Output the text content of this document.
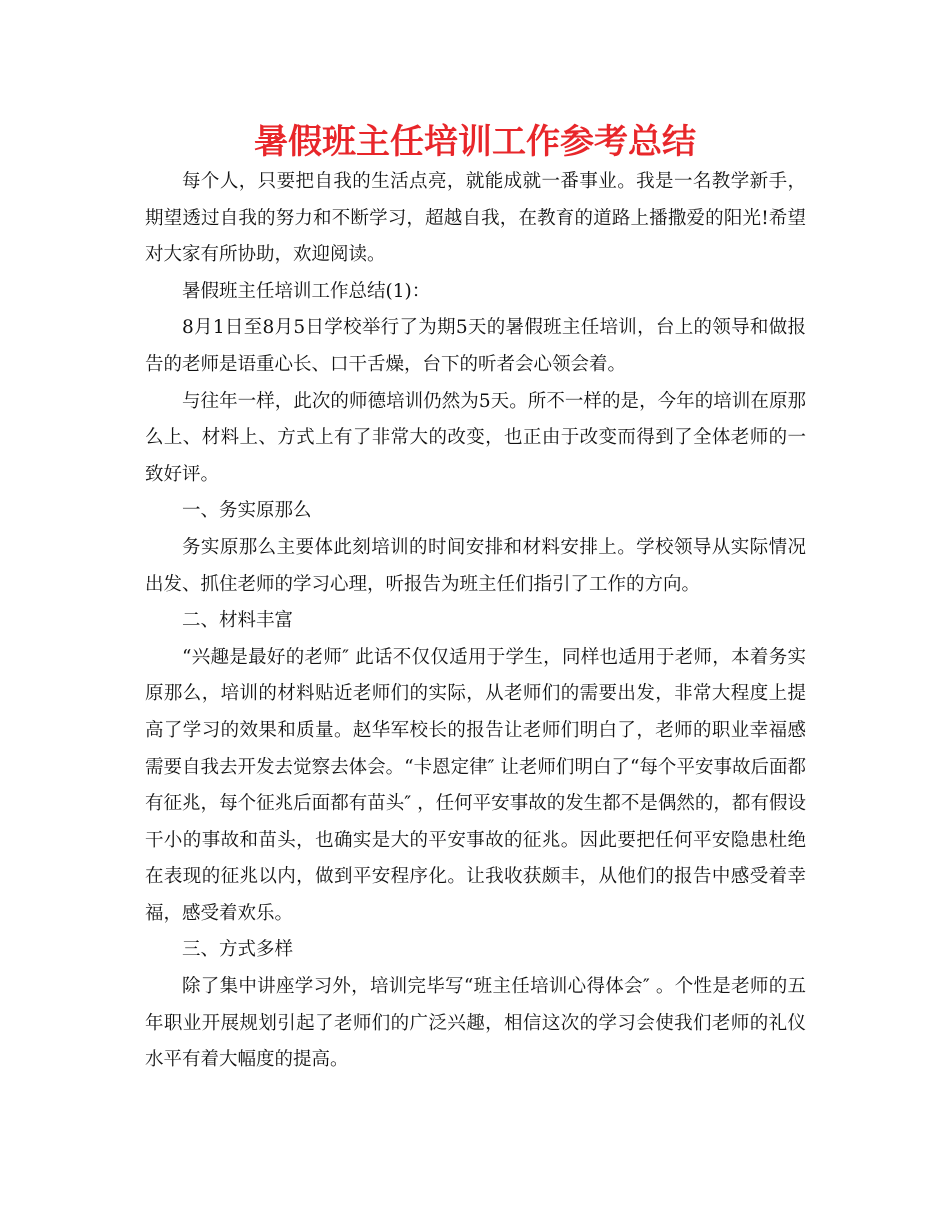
暑假班主任培训工作参考总结

每个人，只要把自我的生活点亮，就能成就一番事业。我是一名教学新手，期望透过自我的努力和不断学习，超越自我，在教育的道路上播撒爱的阳光!希望对大家有所协助，欢迎阅读。

暑假班主任培训工作总结(1)：

8月1日至8月5日学校举行了为期5天的暑假班主任培训，台上的领导和做报告的老师是语重心长、口干舌燥，台下的听者会心领会着。

与往年一样，此次的师德培训仍然为5天。所不一样的是，今年的培训在原那么上、材料上、方式上有了非常大的改变，也正由于改变而得到了全体老师的一致好评。

一、务实原那么

务实原那么主要体此刻培训的时间安排和材料安排上。学校领导从实际情况出发、抓住老师的学习心理，听报告为班主任们指引了工作的方向。

二、材料丰富

“兴趣是最好的老师″ 此话不仅仅适用于学生，同样也适用于老师，本着务实原那么，培训的材料贴近老师们的实际，从老师们的需要出发，非常大程度上提高了学习的效果和质量。赵华军校长的报告让老师们明白了，老师的职业幸福感需要自我去开发去觉察去体会。“卡恩定律″ 让老师们明白了“每个平安事故后面都有征兆，每个征兆后面都有苗头″ ，任何平安事故的发生都不是偶然的，都有假设干小的事故和苗头，也确实是大的平安事故的征兆。因此要把任何平安隐患杜绝在表现的征兆以内，做到平安程序化。让我收获颇丰，从他们的报告中感受着幸福，感受着欢乐。

三、方式多样

除了集中讲座学习外，培训完毕写“班主任培训心得体会″ 。个性是老师的五年职业开展规划引起了老师们的广泛兴趣，相信这次的学习会使我们老师的礼仪水平有着大幅度的提高。
